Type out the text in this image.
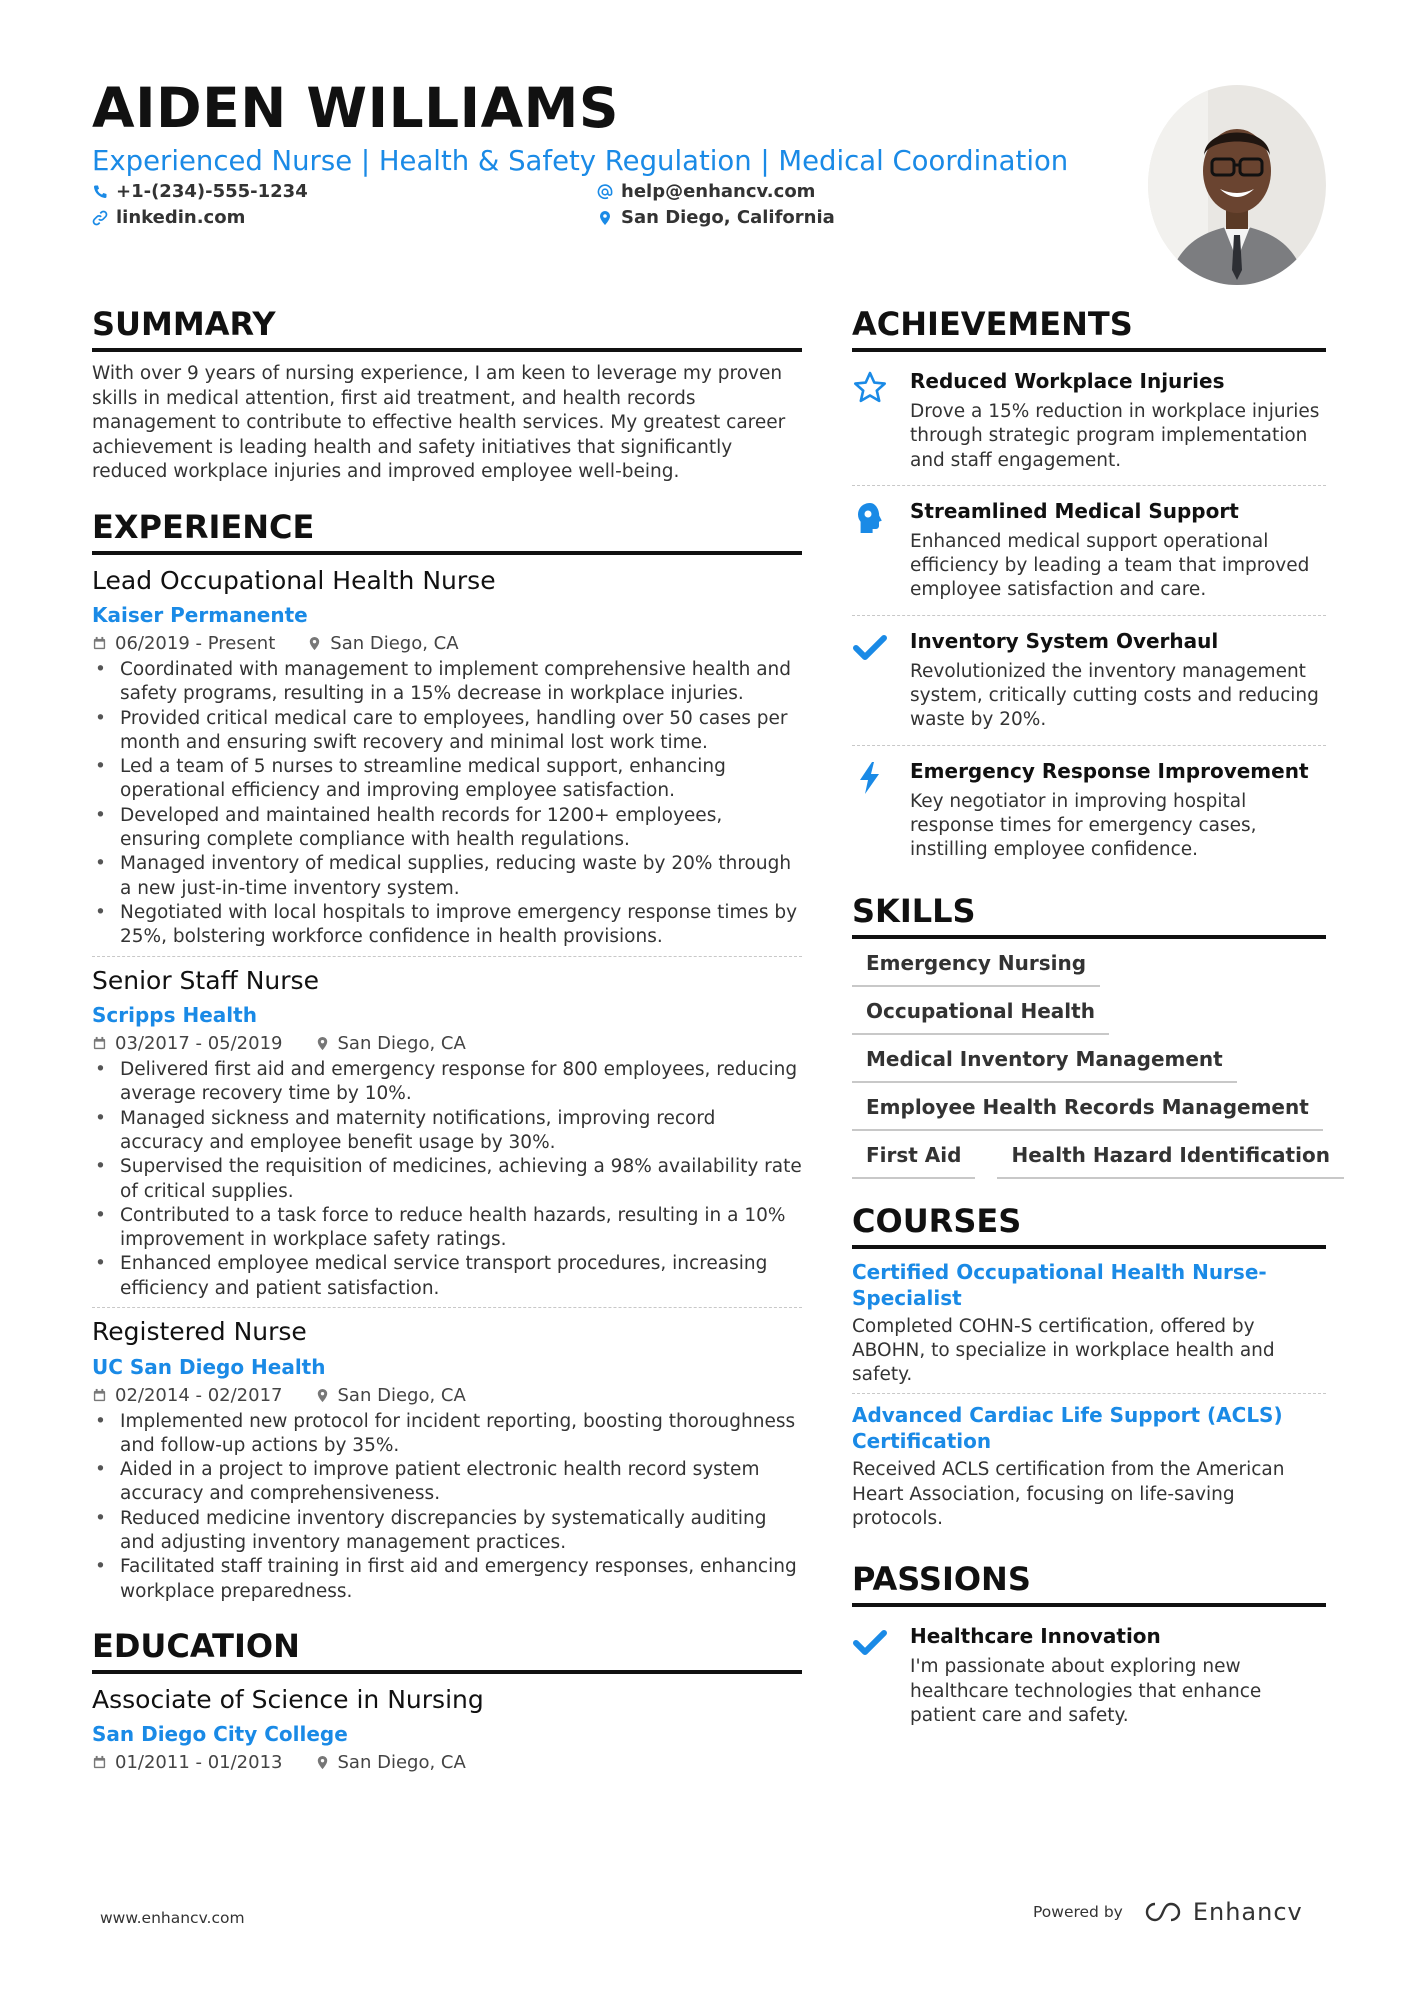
AIDEN WILLIAMS
Experienced Nurse | Health & Safety Regulation | Medical Coordination
+1-(234)-555-1234	help@enhancv.com
linkedin.com	San Diego, California
SUMMARY

With over 9 years of nursing experience, I am keen to leverage my proven skills in medical attention, first aid treatment, and health records management to contribute to effective health services. My greatest career achievement is leading health and safety initiatives that significantly reduced workplace injuries and improved employee well-being.

EXPERIENCE
Lead Occupational Health Nurse
Kaiser Permanente
06/2019 - Present	San Diego, CA
• Coordinated with management to implement comprehensive health and safety programs, resulting in a 15% decrease in workplace injuries.
• Provided critical medical care to employees, handling over 50 cases per month and ensuring swift recovery and minimal lost work time.
• Led a team of 5 nurses to streamline medical support, enhancing operational efficiency and improving employee satisfaction.
• Developed and maintained health records for 1200+ employees, ensuring complete compliance with health regulations.
• Managed inventory of medical supplies, reducing waste by 20% through a new just-in-time inventory system.
• Negotiated with local hospitals to improve emergency response times by 25%, bolstering workforce confidence in health provisions.
Senior Staff Nurse
Scripps Health
03/2017 - 05/2019	San Diego, CA
• Delivered first aid and emergency response for 800 employees, reducing average recovery time by 10%.
• Managed sickness and maternity notifications, improving record accuracy and employee benefit usage by 30%.
• Supervised the requisition of medicines, achieving a 98% availability rate of critical supplies.
• Contributed to a task force to reduce health hazards, resulting in a 10% improvement in workplace safety ratings.
• Enhanced employee medical service transport procedures, increasing efficiency and patient satisfaction.
Registered Nurse
UC San Diego Health
02/2014 - 02/2017	San Diego, CA
• Implemented new protocol for incident reporting, boosting thoroughness and follow-up actions by 35%.
• Aided in a project to improve patient electronic health record system accuracy and comprehensiveness.
• Reduced medicine inventory discrepancies by systematically auditing and adjusting inventory management practices.
• Facilitated staff training in first aid and emergency responses, enhancing workplace preparedness.
EDUCATION
Associate of Science in Nursing
San Diego City College
01/2011 - 01/2013	San Diego, CA
ACHIEVEMENTS
Reduced Workplace Injuries
Drove a 15% reduction in workplace injuries through strategic program implementation and staff engagement.
Streamlined Medical Support
Enhanced medical support operational efficiency by leading a team that improved employee satisfaction and care.
Inventory System Overhaul
Revolutionized the inventory management system, critically cutting costs and reducing waste by 20%.
Emergency Response Improvement
Key negotiator in improving hospital response times for emergency cases, instilling employee confidence.
SKILLS
Emergency Nursing
Occupational Health
Medical Inventory Management
Employee Health Records Management
First Aid	Health Hazard Identification
COURSES
Certified Occupational Health Nurse-Specialist
Completed COHN-S certification, offered by ABOHN, to specialize in workplace health and safety.
Advanced Cardiac Life Support (ACLS) Certification
Received ACLS certification from the American Heart Association, focusing on life-saving protocols.
PASSIONS
Healthcare Innovation
I'm passionate about exploring new healthcare technologies that enhance patient care and safety.
www.enhancv.com	Powered by	Enhancv
